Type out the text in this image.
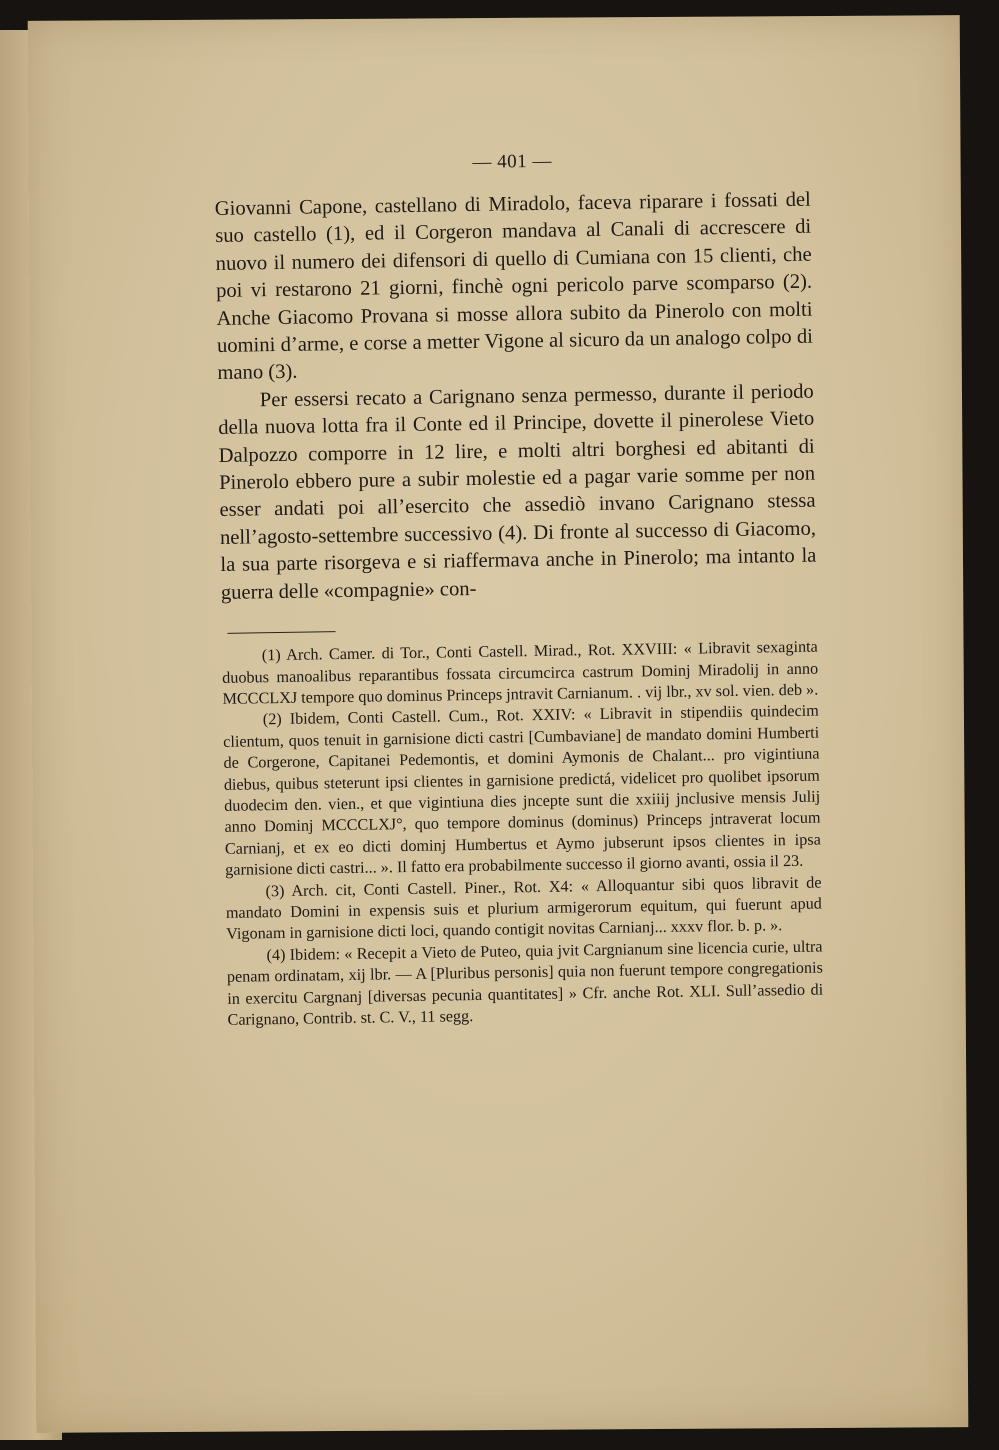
— 401 —

Giovanni Capone, castellano di Miradolo, faceva riparare i fossati del suo castello (1), ed il Corgeron mandava al Canali di accrescere di nuovo il numero dei difensori di quello di Cumiana con 15 clienti, che poi vi restarono 21 giorni, finchè ogni pericolo parve scomparso (2). Anche Giacomo Provana si mosse allora subito da Pinerolo con molti uomini d’arme, e corse a metter Vigone al sicuro da un analogo colpo di mano (3).

Per essersi recato a Carignano senza permesso, durante il periodo della nuova lotta fra il Conte ed il Principe, dovette il pinerolese Vieto Dalpozzo comporre in 12 lire, e molti altri borghesi ed abitanti di Pinerolo ebbero pure a subir molestie ed a pagar varie somme per non esser andati poi all’esercito che assediò invano Carignano stessa nell’agosto-settembre successivo (4). Di fronte al successo di Giacomo, la sua parte risorgeva e si riaffermava anche in Pinerolo; ma intanto la guerra delle «compagnie» con-

(1) Arch. Camer. di Tor., Conti Castell. Mirad., Rot. XXVIII: « Libravit sexaginta duobus manoalibus reparantibus fossata circumcirca castrum Dominj Miradolij in anno MCCCLXJ tempore quo dominus Princeps jntravit Carnianum. . vij lbr., xv sol. vien. deb ».

(2) Ibidem, Conti Castell. Cum., Rot. XXIV: « Libravit in stipendiis quindecim clientum, quos tenuit in garnisione dicti castri [Cumbaviane] de mandato domini Humberti de Corgerone, Capitanei Pedemontis, et domini Aymonis de Chalant... pro vigintiuna diebus, quibus steterunt ipsi clientes in garnisione predictá, videlicet pro quolibet ipsorum duodecim den. vien., et que vigintiuna dies jncepte sunt die xxiiij jnclusive mensis Julij anno Dominj MCCCLXJ°, quo tempore dominus (dominus) Princeps jntraverat locum Carnianj, et ex eo dicti dominj Humbertus et Aymo jubserunt ipsos clientes in ipsa garnisione dicti castri... ». Il fatto era probabilmente successo il giorno avanti, ossia il 23.

(3) Arch. cit, Conti Castell. Piner., Rot. X4: « Alloquantur sibi quos libravit de mandato Domini in expensis suis et plurium armigerorum equitum, qui fuerunt apud Vigonam in garnisione dicti loci, quando contigit novitas Carnianj... xxxv flor. b. p. ».

(4) Ibidem: « Recepit a Vieto de Puteo, quia jvit Cargnianum sine licencia curie, ultra penam ordinatam, xij lbr. — A [Pluribus personis] quia non fuerunt tempore congregationis in exercitu Cargnanj [diversas pecunia quantitates] » Cfr. anche Rot. XLI. Sull’assedio di Carignano, Contrib. st. C. V., 11 segg.
